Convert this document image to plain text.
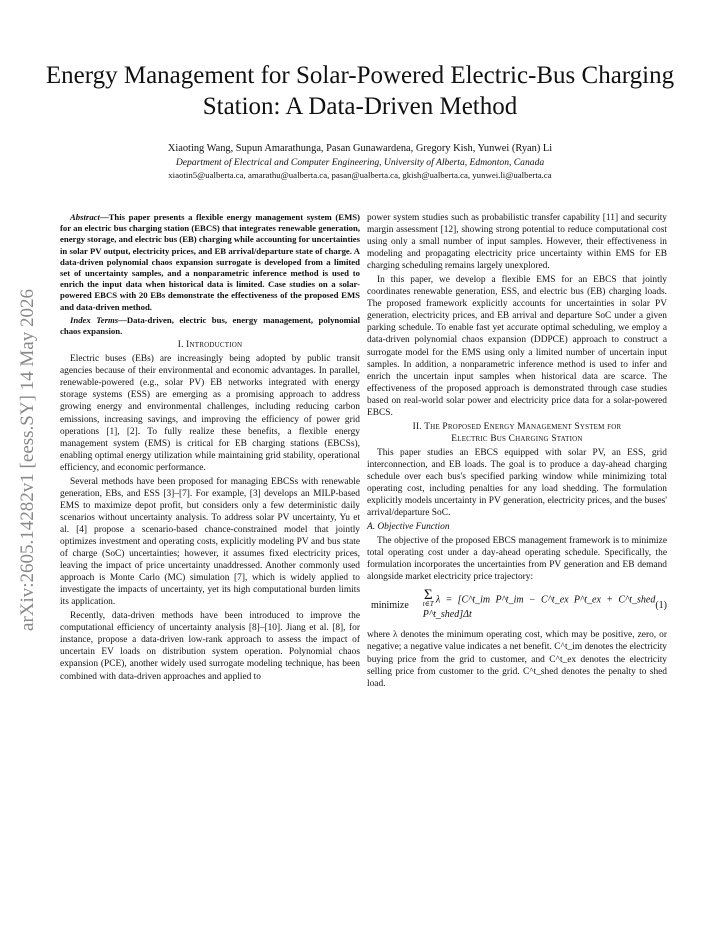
Energy Management for Solar-Powered Electric-Bus Charging Station: A Data-Driven Method
Xiaoting Wang, Supun Amarathunga, Pasan Gunawardena, Gregory Kish, Yunwei (Ryan) Li
Department of Electrical and Computer Engineering, University of Alberta, Edmonton, Canada
xiaotin5@ualberta.ca, amarathu@ualberta.ca, pasan@ualberta.ca, gkish@ualberta.ca, yunwei.li@ualberta.ca
arXiv:2605.14282v1 [eess.SY] 14 May 2026

Abstract—This paper presents a flexible energy management system (EMS) for an electric bus charging station (EBCS) that integrates renewable generation, energy storage, and electric bus (EB) charging while accounting for uncertainties in solar PV output, electricity prices, and EB arrival/departure state of charge. A data-driven polynomial chaos expansion surrogate is developed from a limited set of uncertainty samples, and a nonparametric inference method is used to enrich the input data when historical data is limited. Case studies on a solar-powered EBCS with 20 EBs demonstrate the effectiveness of the proposed EMS and data-driven method.

Index Terms—Data-driven, electric bus, energy management, polynomial chaos expansion.

I. Introduction

Electric buses (EBs) are increasingly being adopted by public transit agencies because of their environmental and economic advantages. In parallel, renewable-powered (e.g., solar PV) EB networks integrated with energy storage systems (ESS) are emerging as a promising approach to address growing energy and environmental challenges, including reducing carbon emissions, increasing savings, and improving the efficiency of power grid operations [1], [2]. To fully realize these benefits, a flexible energy management system (EMS) is critical for EB charging stations (EBCSs), enabling optimal energy utilization while maintaining grid stability, operational efficiency, and economic performance.

Several methods have been proposed for managing EBCSs with renewable generation, EBs, and ESS [3]–[7]. For example, [3] develops an MILP-based EMS to maximize depot profit, but considers only a few deterministic daily scenarios without uncertainty analysis. To address solar PV uncertainty, Yu et al. [4] propose a scenario-based chance-constrained model that jointly optimizes investment and operating costs, explicitly modeling PV and bus state of charge (SoC) uncertainties; however, it assumes fixed electricity prices, leaving the impact of price uncertainty unaddressed. Another commonly used approach is Monte Carlo (MC) simulation [7], which is widely applied to investigate the impacts of uncertainty, yet its high computational burden limits its application.

Recently, data-driven methods have been introduced to improve the computational efficiency of uncertainty analysis [8]–[10]. Jiang et al. [8], for instance, propose a data-driven low-rank approach to assess the impact of uncertain EV loads on distribution system operation. Polynomial chaos expansion (PCE), another widely used surrogate modeling technique, has been combined with data-driven approaches and applied to

power system studies such as probabilistic transfer capability [11] and security margin assessment [12], showing strong potential to reduce computational cost using only a small number of input samples. However, their effectiveness in modeling and propagating electricity price uncertainty within EMS for EB charging scheduling remains largely unexplored.

In this paper, we develop a flexible EMS for an EBCS that jointly coordinates renewable generation, ESS, and electric bus (EB) charging loads. The proposed framework explicitly accounts for uncertainties in solar PV generation, electricity prices, and EB arrival and departure SoC under a given parking schedule. To enable fast yet accurate optimal scheduling, we employ a data-driven polynomial chaos expansion (DDPCE) approach to construct a surrogate model for the EMS using only a limited number of uncertain input samples. In addition, a nonparametric inference method is used to infer and enrich the uncertain input samples when historical data are scarce. The effectiveness of the proposed approach is demonstrated through case studies based on real-world solar power and electricity price data for a solar-powered EBCS.

II. The Proposed Energy Management System for
Electric Bus Charging Station

This paper studies an EBCS equipped with solar PV, an ESS, grid interconnection, and EB loads. The goal is to produce a day-ahead charging schedule over each bus's specified parking window while minimizing total operating cost, including penalties for any load shedding. The formulation explicitly models uncertainty in PV generation, electricity prices, and the buses' arrival/departure SoC.

A. Objective Function

The objective of the proposed EBCS management framework is to minimize total operating cost under a day-ahead operating schedule. Specifically, the formulation incorporates the uncertainties from PV generation and EB demand alongside market electricity price trajectory:

minimize
Σ
t∈T λ = [C^t_im P^t_im − C^t_ex P^t_ex + C^t_shed P^t_shed]Δt
(1)

where λ denotes the minimum operating cost, which may be positive, zero, or negative; a negative value indicates a net benefit. C^t_im denotes the electricity buying price from the grid to customer, and C^t_ex denotes the electricity selling price from customer to the grid. C^t_shed denotes the penalty to shed load.
